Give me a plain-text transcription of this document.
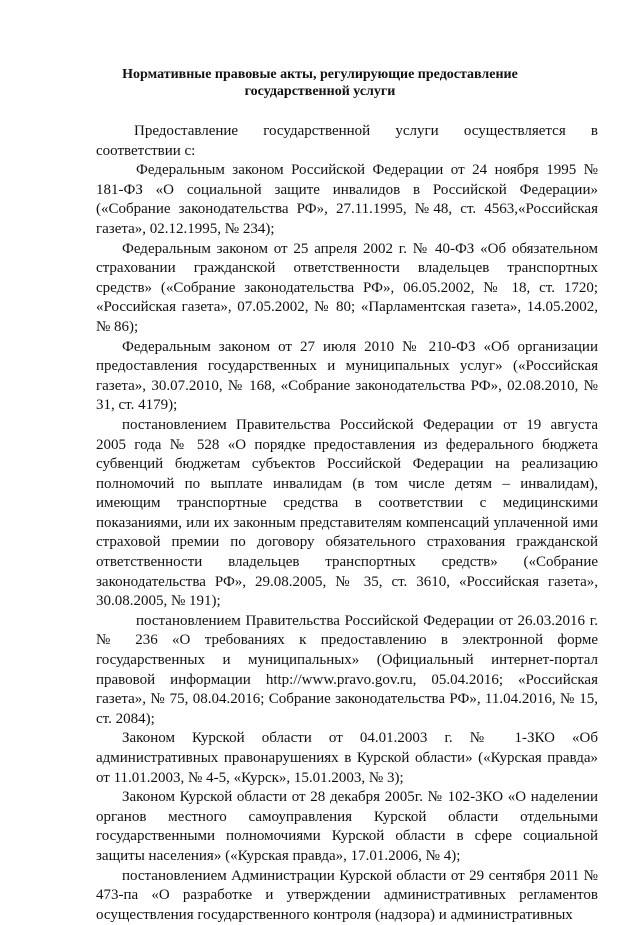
Нормативные правовые акты, регулирующие предоставление
государственной услуги

Предоставление государственной услуги осуществляется в соответствии с:

Федеральным законом Российской Федерации от 24 ноября 1995 № 181-ФЗ «О социальной защите инвалидов в Российской Федерации» («Собрание законодательства РФ», 27.11.1995, №48, ст. 4563,«Российская газета», 02.12.1995, № 234);

Федеральным законом от 25 апреля 2002 г. № 40-ФЗ «Об обязательном страховании гражданской ответственности владельцев транспортных средств» («Собрание законодательства РФ», 06.05.2002, № 18, ст. 1720; «Российская газета», 07.05.2002, № 80; «Парламентская газета», 14.05.2002, № 86);

Федеральным законом от 27 июля 2010 № 210-ФЗ «Об организации предоставления государственных и муниципальных услуг» («Российская газета», 30.07.2010, № 168, «Собрание законодательства РФ», 02.08.2010, № 31, ст. 4179);

постановлением Правительства Российской Федерации от 19 августа 2005 года № 528 «О порядке предоставления из федерального бюджета субвенций бюджетам субъектов Российской Федерации на реализацию полномочий по выплате инвалидам (в том числе детям – инвалидам), имеющим транспортные средства в соответствии с медицинскими показаниями, или их законным представителям компенсаций уплаченной ими страховой премии по договору обязательного страхования гражданской ответственности владельцев транспортных средств» («Собрание законодательства РФ», 29.08.2005, № 35, ст. 3610, «Российская газета», 30.08.2005, № 191);

постановлением Правительства Российской Федерации от 26.03.2016 г. № 236 «О требованиях к предоставлению в электронной форме государственных и муниципальных» (Официальный интернет-портал правовой информации http://www.pravo.gov.ru, 05.04.2016; «Российская газета», № 75, 08.04.2016; Собрание законодательства РФ», 11.04.2016, № 15, ст. 2084);

Законом Курской области от 04.01.2003 г. № 1-ЗКО «Об административных правонарушениях в Курской области» («Курская правда» от 11.01.2003, № 4-5, «Курск», 15.01.2003, № 3);

Законом Курской области от 28 декабря 2005г. № 102-ЗКО «О наделении органов местного самоуправления Курской области отдельными государственными полномочиями Курской области в сфере социальной защиты населения» («Курская правда», 17.01.2006, № 4);

постановлением Администрации Курской области от 29 сентября 2011 № 473-па «О разработке и утверждении административных регламентов осуществления государственного контроля (надзора) и административных
